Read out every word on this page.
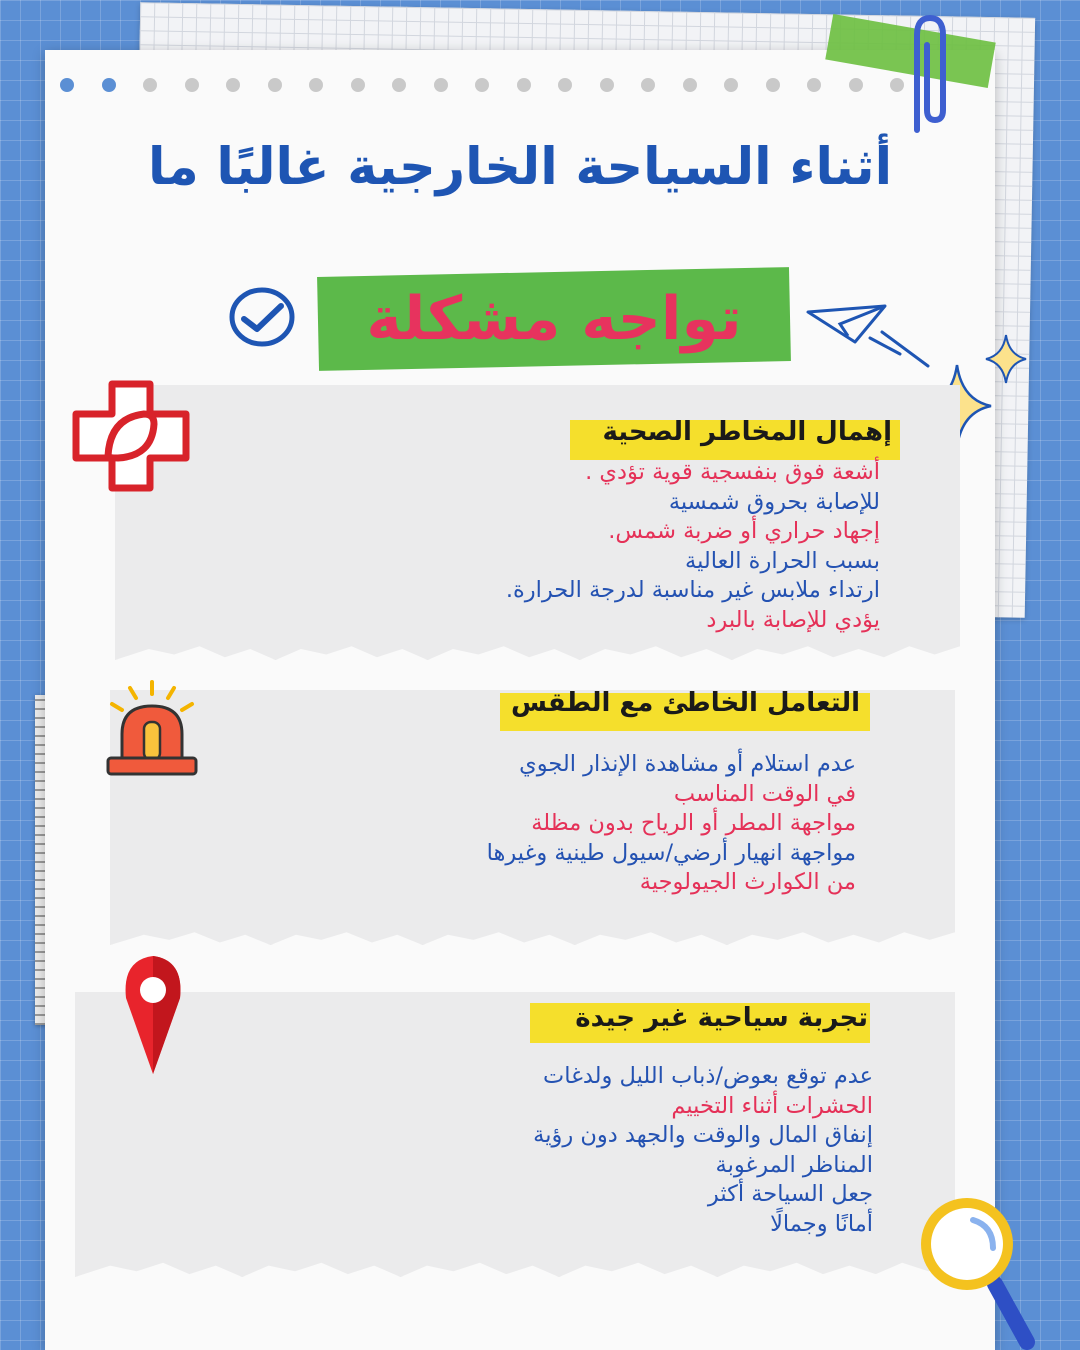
أثناء السياحة الخارجية غالبًا ما
تواجه مشكلة
إهمال المخاطر الصحية
أشعة فوق بنفسجية قوية تؤدي .
للإصابة بحروق شمسية
إجهاد حراري أو ضربة شمس.
بسبب الحرارة العالية
ارتداء ملابس غير مناسبة لدرجة الحرارة.
يؤدي للإصابة بالبرد
التعامل الخاطئ مع الطقس
عدم استلام أو مشاهدة الإنذار الجوي
في الوقت المناسب
مواجهة المطر أو الرياح بدون مظلة
مواجهة انهيار أرضي/سيول طينية وغيرها
من الكوارث الجيولوجية
تجربة سياحية غير جيدة
عدم توقع بعوض/ذباب الليل ولدغات
الحشرات أثناء التخييم
إنفاق المال والوقت والجهد دون رؤية
المناظر المرغوبة
جعل السياحة أكثر
أمانًا وجمالًا
